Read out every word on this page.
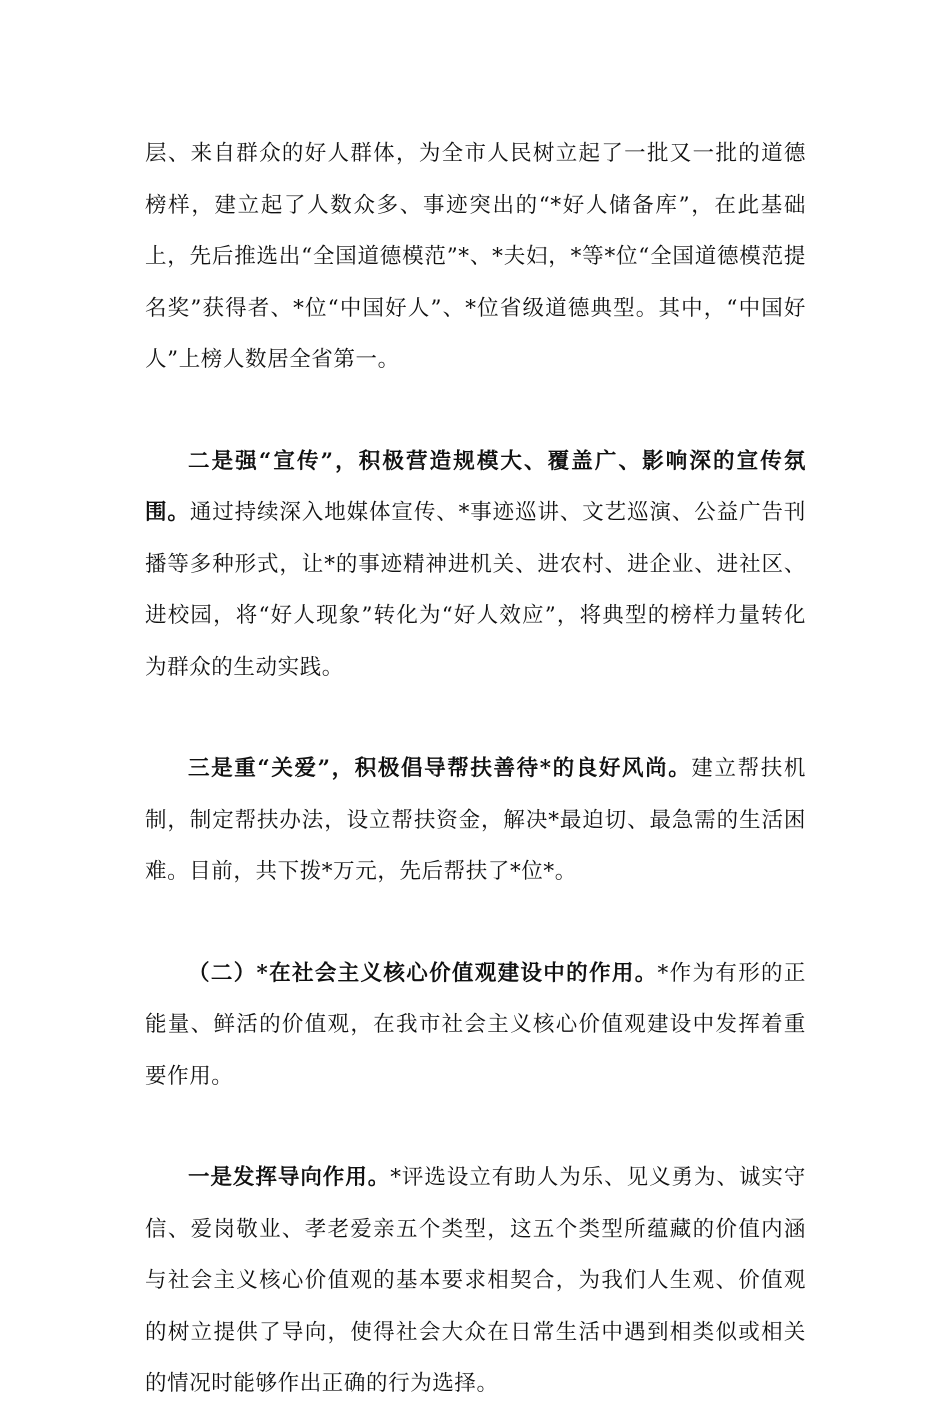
层、来自群众的好人群体，为全市人民树立起了一批又一批的道德榜样，建立起了人数众多、事迹突出的“*好人储备库”，在此基础上，先后推选出“全国道德模范”*、*夫妇，*等*位“全国道德模范提名奖”获得者、*位“中国好人”、*位省级道德典型。其中，“中国好人”上榜人数居全省第一。

二是强“宣传”，积极营造规模大、覆盖广、影响深的宣传氛围。通过持续深入地媒体宣传、*事迹巡讲、文艺巡演、公益广告刊播等多种形式，让*的事迹精神进机关、进农村、进企业、进社区、进校园，将“好人现象”转化为“好人效应”，将典型的榜样力量转化为群众的生动实践。

三是重“关爱”，积极倡导帮扶善待*的良好风尚。建立帮扶机制，制定帮扶办法，设立帮扶资金，解决*最迫切、最急需的生活困难。目前，共下拨*万元，先后帮扶了*位*。

（二）*在社会主义核心价值观建设中的作用。*作为有形的正能量、鲜活的价值观，在我市社会主义核心价值观建设中发挥着重要作用。

一是发挥导向作用。*评选设立有助人为乐、见义勇为、诚实守信、爱岗敬业、孝老爱亲五个类型，这五个类型所蕴藏的价值内涵与社会主义核心价值观的基本要求相契合，为我们人生观、价值观的树立提供了导向，使得社会大众在日常生活中遇到相类似或相关的情况时能够作出正确的行为选择。
